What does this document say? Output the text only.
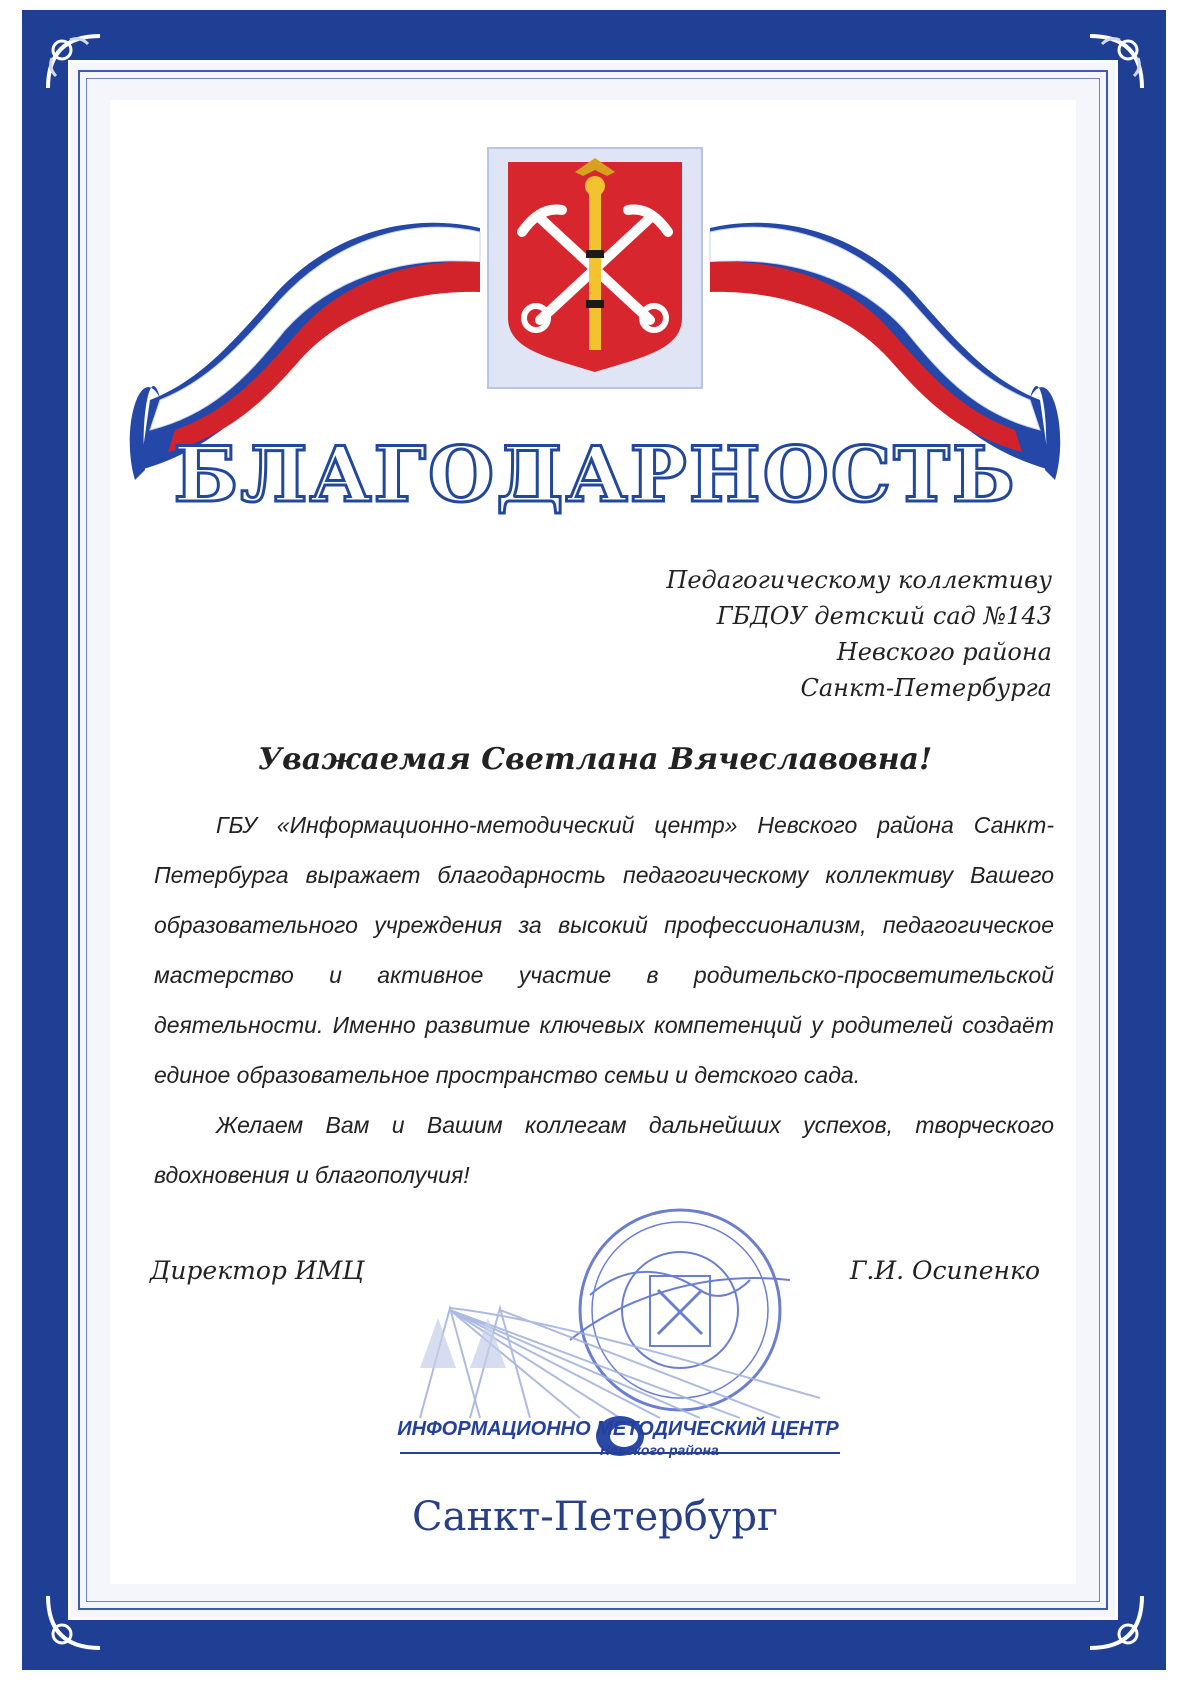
БЛАГОДАРНОСТЬ
Педагогическому коллективу
ГБДОУ детский сад №143
Невского района
Санкт-Петербурга
Уважаемая Светлана Вячеславовна!

ГБУ «Информационно-методический центр» Невского района Санкт-Петербурга выражает благодарность педагогическому коллективу Вашего образовательного учреждения за высокий профессионализм, педагогическое мастерство и активное участие в родительско-просветительской деятельности. Именно развитие ключевых компетенций у родителей создаёт единое образовательное пространство семьи и детского сада.

Желаем Вам и Вашим коллегам дальнейших успехов, творческого вдохновения и благополучия!

Директор ИМЦ	Г.И. Осипенко
ИНФОРМАЦИОННО МЕТОДИЧЕСКИЙ ЦЕНТР
Невского района
Санкт-Петербург
